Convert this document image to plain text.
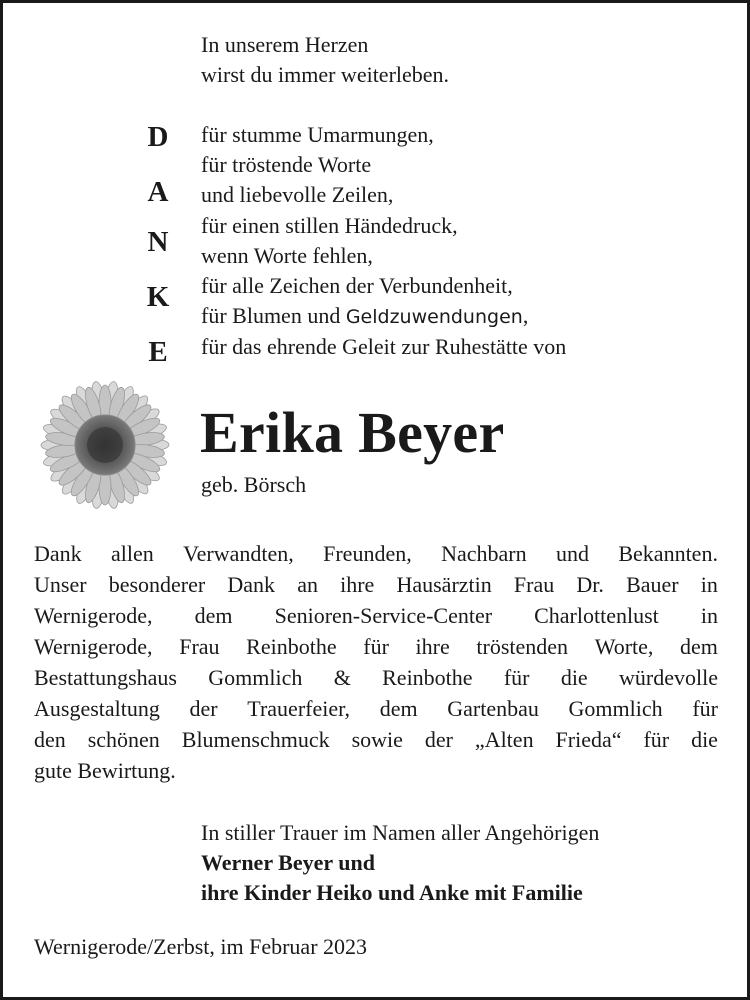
In unserem Herzen
wirst du immer weiterleben.
D
A
N
K
E
für stumme Umarmungen,
für tröstende Worte
und liebevolle Zeilen,
für einen stillen Händedruck,
wenn Worte fehlen,
für alle Zeichen der Verbundenheit,
für Blumen und Geldzuwendungen,
für das ehrende Geleit zur Ruhestätte von
Erika Beyer
geb. Börsch
Dank allen Verwandten, Freunden, Nachbarn und Bekannten.
Unser besonderer Dank an ihre Hausärztin Frau Dr. Bauer in
Wernigerode, dem Senioren-Service-Center Charlottenlust in
Wernigerode, Frau Reinbothe für ihre tröstenden Worte, dem
Bestattungshaus Gommlich & Reinbothe für die würdevolle
Ausgestaltung der Trauerfeier, dem Gartenbau Gommlich für
den schönen Blumenschmuck sowie der „Alten Frieda“ für die
gute Bewirtung.
In stiller Trauer im Namen aller Angehörigen
Werner Beyer und
ihre Kinder Heiko und Anke mit Familie
Wernigerode/Zerbst, im Februar 2023
